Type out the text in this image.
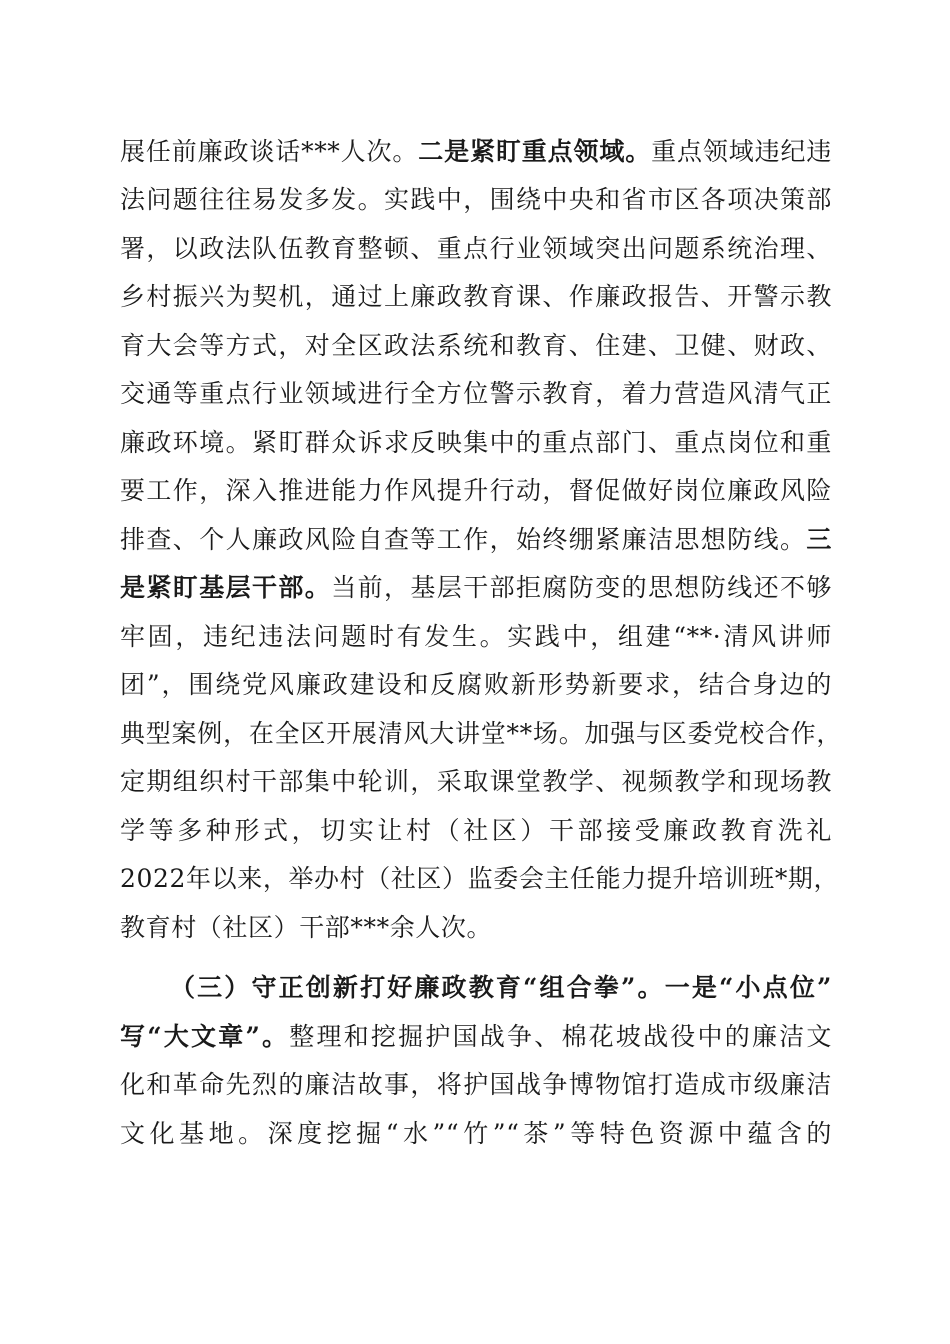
展任前廉政谈话***人次。二是紧盯重点领域。重点领域违纪违
法问题往往易发多发。实践中，围绕中央和省市区各项决策部
署，以政法队伍教育整顿、重点行业领域突出问题系统治理、
乡村振兴为契机，通过上廉政教育课、作廉政报告、开警示教
育大会等方式，对全区政法系统和教育、住建、卫健、财政、
交通等重点行业领域进行全方位警示教育，着力营造风清气正
廉政环境。紧盯群众诉求反映集中的重点部门、重点岗位和重
要工作，深入推进能力作风提升行动，督促做好岗位廉政风险
排查、个人廉政风险自查等工作，始终绷紧廉洁思想防线。三
是紧盯基层干部。当前，基层干部拒腐防变的思想防线还不够
牢固，违纪违法问题时有发生。实践中，组建“**·清风讲师
团”，围绕党风廉政建设和反腐败新形势新要求，结合身边的
典型案例，在全区开展清风大讲堂**场。加强与区委党校合作，
定期组织村干部集中轮训，采取课堂教学、视频教学和现场教
学等多种形式，切实让村（社区）干部接受廉政教育洗礼
2022年以来，举办村（社区）监委会主任能力提升培训班*期，
教育村（社区）干部***余人次。
（三）守正创新打好廉政教育“组合拳”。一是“小点位”
写“大文章”。整理和挖掘护国战争、棉花坡战役中的廉洁文
化和革命先烈的廉洁故事，将护国战争博物馆打造成市级廉洁
文化基地。深度挖掘“水”“竹”“茶”等特色资源中蕴含的
